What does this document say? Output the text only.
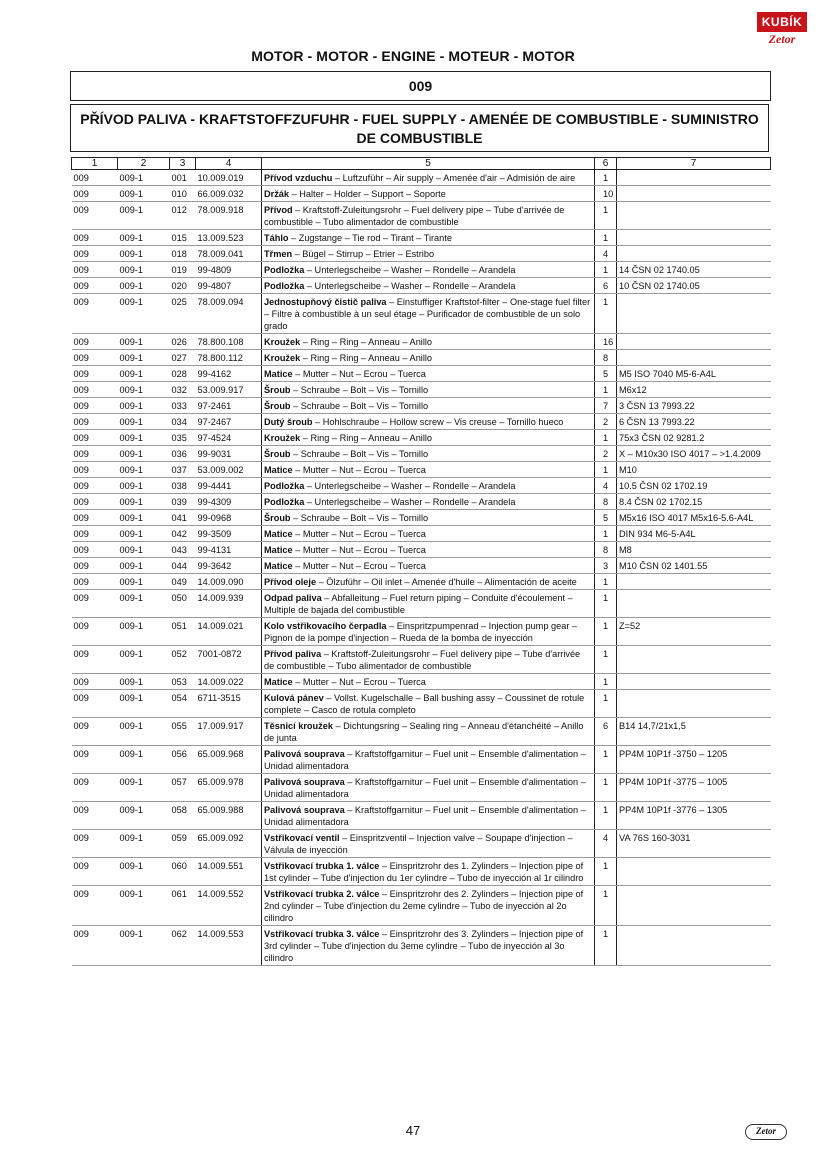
KUBÍK
Zetor
MOTOR - MOTOR - ENGINE - MOTEUR - MOTOR
009
PŘÍVOD PALIVA - KRAFTSTOFFZUFUHR - FUEL SUPPLY - AMENÉE DE COMBUSTIBLE - SUMINISTRO
DE COMBUSTIBLE
1	2	3	4	5	6	7
009	009-1	001	10.009.019	Přívod vzduchu – Luftzuführ – Air supply – Amenée d'air – Admisión de aire	1	
009	009-1	010	66.009.032	Držák – Halter – Holder – Support – Soporte	10	
009	009-1	012	78.009.918	Přívod – Kraftstoff-Zuleitungsrohr – Fuel delivery pipe – Tube d'arrivée de combustible – Tubo alimentador de combustible	1	
009	009-1	015	13.009.523	Táhlo – Zugstange – Tie rod – Tirant – Tirante	1	
009	009-1	018	78.009.041	Třmen – Bügel – Stirrup – Etrier – Estribo	4	
009	009-1	019	99-4809	Podložka – Unterlegscheibe – Washer – Rondelle – Arandela	1	14 ČSN 02 1740.05
009	009-1	020	99-4807	Podložka – Unterlegscheibe – Washer – Rondelle – Arandela	6	10 ČSN 02 1740.05
009	009-1	025	78.009.094	Jednostupňový čistič paliva – Einstuffiger Kraftstof-filter – One-stage fuel filter – Filtre à combustible à un seul étage – Purificador de combustible de un solo grado	1	
009	009-1	026	78.800.108	Kroužek – Ring – Ring – Anneau – Anillo	16	
009	009-1	027	78.800.112	Kroužek – Ring – Ring – Anneau – Anillo	8	
009	009-1	028	99-4162	Matice – Mutter – Nut – Ecrou – Tuerca	5	M5 ISO 7040 M5-6-A4L
009	009-1	032	53.009.917	Šroub – Schraube – Bolt – Vis – Tornillo	1	M6x12
009	009-1	033	97-2461	Šroub – Schraube – Bolt – Vis – Tornillo	7	3 ČSN 13 7993.22
009	009-1	034	97-2467	Dutý šroub – Hohlschraube – Hollow screw – Vis creuse – Tornillo hueco	2	6 ČSN 13 7993.22
009	009-1	035	97-4524	Kroužek – Ring – Ring – Anneau – Anillo	1	75x3 ČSN 02 9281.2
009	009-1	036	99-9031	Šroub – Schraube – Bolt – Vis – Tornillo	2	X – M10x30 ISO 4017 – >1.4.2009
009	009-1	037	53.009.002	Matice – Mutter – Nut – Ecrou – Tuerca	1	M10
009	009-1	038	99-4441	Podložka – Unterlegscheibe – Washer – Rondelle – Arandela	4	10.5 ČSN 02 1702.19
009	009-1	039	99-4309	Podložka – Unterlegscheibe – Washer – Rondelle – Arandela	8	8.4 ČSN 02 1702.15
009	009-1	041	99-0968	Šroub – Schraube – Bolt – Vis – Tornillo	5	M5x16 ISO 4017 M5x16-5.6-A4L
009	009-1	042	99-3509	Matice – Mutter – Nut – Ecrou – Tuerca	1	DIN 934 M6-5-A4L
009	009-1	043	99-4131	Matice – Mutter – Nut – Ecrou – Tuerca	8	M8
009	009-1	044	99-3642	Matice – Mutter – Nut – Ecrou – Tuerca	3	M10 ČSN 02 1401.55
009	009-1	049	14.009.090	Přívod oleje – Ölzuführ – Oil inlet – Amenée d'huile – Alimentación de aceite	1	
009	009-1	050	14.009.939	Odpad paliva – Abfalleitung – Fuel return piping – Conduite d'écoulement – Multiple de bajada del combustible	1	
009	009-1	051	14.009.021	Kolo vstřikovacího čerpadla – Einspritzpumpenrad – Injection pump gear – Pignon de la pompe d'injection – Rueda de la bomba de inyección	1	Z=52
009	009-1	052	7001-0872	Přívod paliva – Kraftstoff-Zuleitungsrohr – Fuel delivery pipe – Tube d'arrivée de combustible – Tubo alimentador de combustible	1	
009	009-1	053	14.009.022	Matice – Mutter – Nut – Ecrou – Tuerca	1	
009	009-1	054	6711-3515	Kulová pánev – Vollst. Kugelschalle – Ball bushing assy – Coussinet de rotule complete – Casco de rotula completo	1	
009	009-1	055	17.009.917	Těsnicí kroužek – Dichtungsring – Sealing ring – Anneau d'étanchéité – Anillo de junta	6	B14 14,7/21x1,5
009	009-1	056	65.009.968	Palivová souprava – Kraftstoffgarnitur – Fuel unit – Ensemble d'alimentation – Unidad alimentadora	1	PP4M 10P1f -3750 – 1205
009	009-1	057	65.009.978	Palivová souprava – Kraftstoffgarnitur – Fuel unit – Ensemble d'alimentation – Unidad alimentadora	1	PP4M 10P1f -3775 – 1005
009	009-1	058	65.009.988	Palivová souprava – Kraftstoffgarnitur – Fuel unit – Ensemble d'alimentation – Unidad alimentadora	1	PP4M 10P1f -3776 – 1305
009	009-1	059	65.009.092	Vstřikovací ventil – Einspritzventil – Injection valve – Soupape d'injection – Válvula de inyección	4	VA 76S 160-3031
009	009-1	060	14.009.551	Vstřikovací trubka 1. válce – Einspritzrohr des 1. Zylinders – Injection pipe of 1st cylinder – Tube d'injection du 1er cylindre – Tubo de inyección al 1r cilindro	1	
009	009-1	061	14.009.552	Vstřikovací trubka 2. válce – Einspritzrohr des 2. Zylinders – Injection pipe of 2nd cylinder – Tube d'injection du 2eme cylindre – Tubo de inyección al 2o cilindro	1	
009	009-1	062	14.009.553	Vstřikovací trubka 3. válce – Einspritzrohr des 3. Zylinders – Injection pipe of 3rd cylinder – Tube d'injection du 3eme cylindre – Tubo de inyección al 3o cilindro	1	
47	Zetor
